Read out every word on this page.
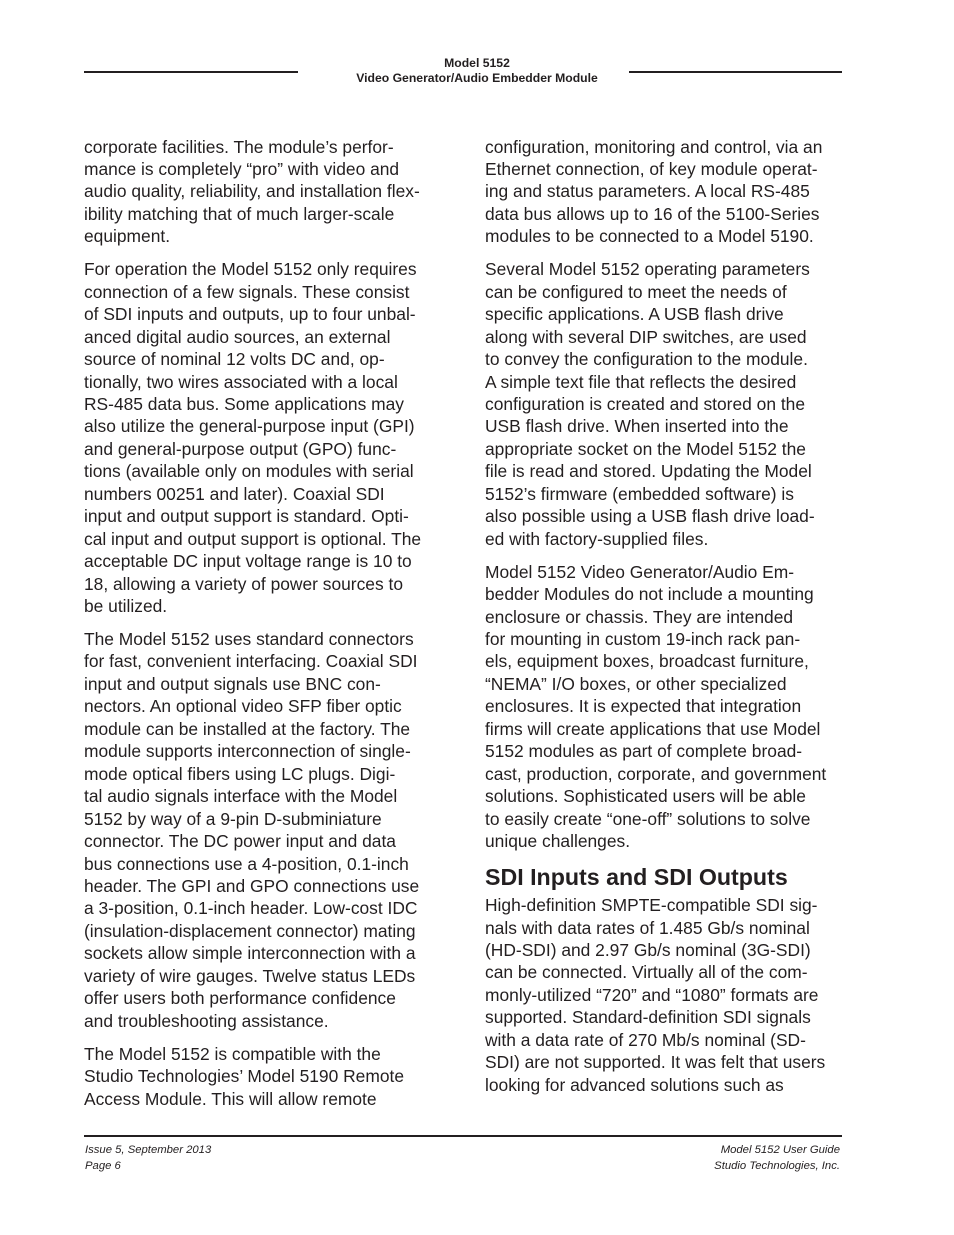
Model 5152
Video Generator/Audio Embedder Module
corporate facilities. The module’s perfor-
mance is completely “pro” with video and
audio quality, reliability, and installation flex-
ibility matching that of much larger-scale
equipment.
For operation the Model 5152 only requires
connection of a few signals. These consist
of SDI inputs and outputs, up to four unbal-
anced digital audio sources, an external
source of nominal 12 volts DC and, op-
tionally, two wires associated with a local
RS-485 data bus. Some applications may
also utilize the general-purpose input (GPI)
and general-purpose output (GPO) func-
tions (available only on modules with serial
numbers 00251 and later). Coaxial SDI
input and output support is standard. Opti-
cal input and output support is optional. The
acceptable DC input voltage range is 10 to
18, allowing a variety of power sources to
be utilized.
The Model 5152 uses standard connectors
for fast, convenient interfacing. Coaxial SDI
input and output signals use BNC con-
nectors. An optional video SFP fiber optic
module can be installed at the factory. The
module supports interconnection of single-
mode optical fibers using LC plugs. Digi-
tal audio signals interface with the Model
5152 by way of a 9-pin D-subminiature
connector. The DC power input and data
bus connections use a 4-position, 0.1-inch
header. The GPI and GPO connections use
a 3-position, 0.1-inch header. Low-cost IDC
(insulation-displacement connector) mating
sockets allow simple interconnection with a
variety of wire gauges. Twelve status LEDs
offer users both performance confidence
and troubleshooting assistance.
The Model 5152 is compatible with the
Studio Technologies’ Model 5190 Remote
Access Module. This will allow remote
configuration, monitoring and control, via an
Ethernet connection, of key module operat-
ing and status parameters. A local RS-485
data bus allows up to 16 of the 5100-Series
modules to be connected to a Model 5190.
Several Model 5152 operating parameters
can be configured to meet the needs of
specific applications. A USB flash drive
along with several DIP switches, are used
to convey the configuration to the module.
A simple text file that reflects the desired
configuration is created and stored on the
USB flash drive. When inserted into the
appropriate socket on the Model 5152 the
file is read and stored. Updating the Model
5152’s firmware (embedded software) is
also possible using a USB flash drive load-
ed with factory-supplied files.
Model 5152 Video Generator/Audio Em-
bedder Modules do not include a mounting
enclosure or chassis. They are intended
for mounting in custom 19-inch rack pan-
els, equipment boxes, broadcast furniture,
“NEMA” I/O boxes, or other specialized
enclosures. It is expected that integration
firms will create applications that use Model
5152 modules as part of complete broad-
cast, production, corporate, and government
solutions. Sophisticated users will be able
to easily create “one-off” solutions to solve
unique challenges.
SDI Inputs and SDI Outputs
High-definition SMPTE-compatible SDI sig-
nals with data rates of 1.485 Gb/s nominal
(HD-SDI) and 2.97 Gb/s nominal (3G-SDI)
can be connected. Virtually all of the com-
monly-utilized “720” and “1080” formats are
supported. Standard-definition SDI signals
with a data rate of 270 Mb/s nominal (SD-
SDI) are not supported. It was felt that users
looking for advanced solutions such as
Issue 5, September 2013
Page 6
Model 5152 User Guide
Studio Technologies, Inc.
